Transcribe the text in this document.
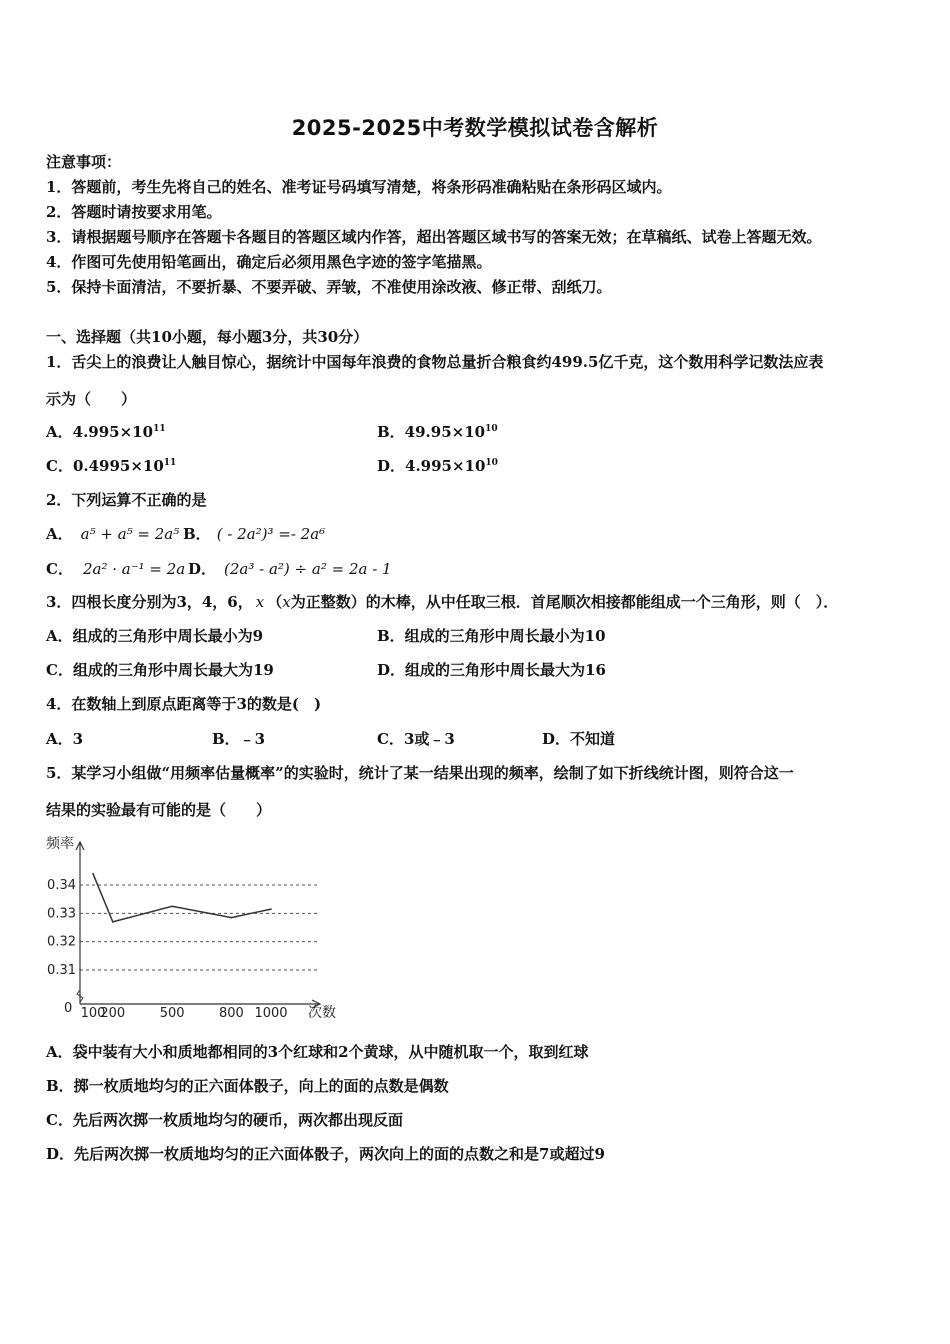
2025-2025中考数学模拟试卷含解析
注意事项：
1．答题前，考生先将自己的姓名、准考证号码填写清楚，将条形码准确粘贴在条形码区域内。
2．答题时请按要求用笔。
3．请根据题号顺序在答题卡各题目的答题区域内作答，超出答题区域书写的答案无效；在草稿纸、试卷上答题无效。
4．作图可先使用铅笔画出，确定后必须用黑色字迹的签字笔描黑。
5．保持卡面清洁，不要折暴、不要弄破、弄皱，不准使用涂改液、修正带、刮纸刀。
一、选择题（共10小题，每小题3分，共30分）
1．舌尖上的浪费让人触目惊心，据统计中国每年浪费的食物总量折合粮食约499.5亿千克，这个数用科学记数法应表
示为（　　）
A．$4.995\times 10^{11}$	B．$49.95\times 10^{10}$
C．$0.4995\times 10^{11}$	D．$4.995\times 10^{10}$
2．下列运算不正确的是
A． a⁵ + a⁵ = 2a⁵ B． ( - 2a²)³ =- 2a⁶
C． 2a² · a⁻¹ = 2a D． (2a³ - a²) ÷ a² = 2a - 1
3．四根长度分别为3，4，6， x （x为正整数）的木棒，从中任取三根．首尾顺次相接都能组成一个三角形，则（　）．
A．组成的三角形中周长最小为9	B．组成的三角形中周长最小为10
C．组成的三角形中周长最大为19	D．组成的三角形中周长最大为16
4．在数轴上到原点距离等于3的数是(　)
A．3	B．﹣3	C．3或﹣3	D．不知道
5．某学习小组做“用频率估量概率”的实验时，统计了某一结果出现的频率，绘制了如下折线统计图，则符合这一
结果的实验最有可能的是（　　）
0.31
0.32
0.33
0.34
频率
次数
0 100
200	500	800 1000
A．袋中装有大小和质地都相同的3个红球和2个黄球，从中随机取一个，取到红球
B．掷一枚质地均匀的正六面体骰子，向上的面的点数是偶数
C．先后两次掷一枚质地均匀的硬币，两次都出现反面
D．先后两次掷一枚质地均匀的正六面体骰子，两次向上的面的点数之和是7或超过9
